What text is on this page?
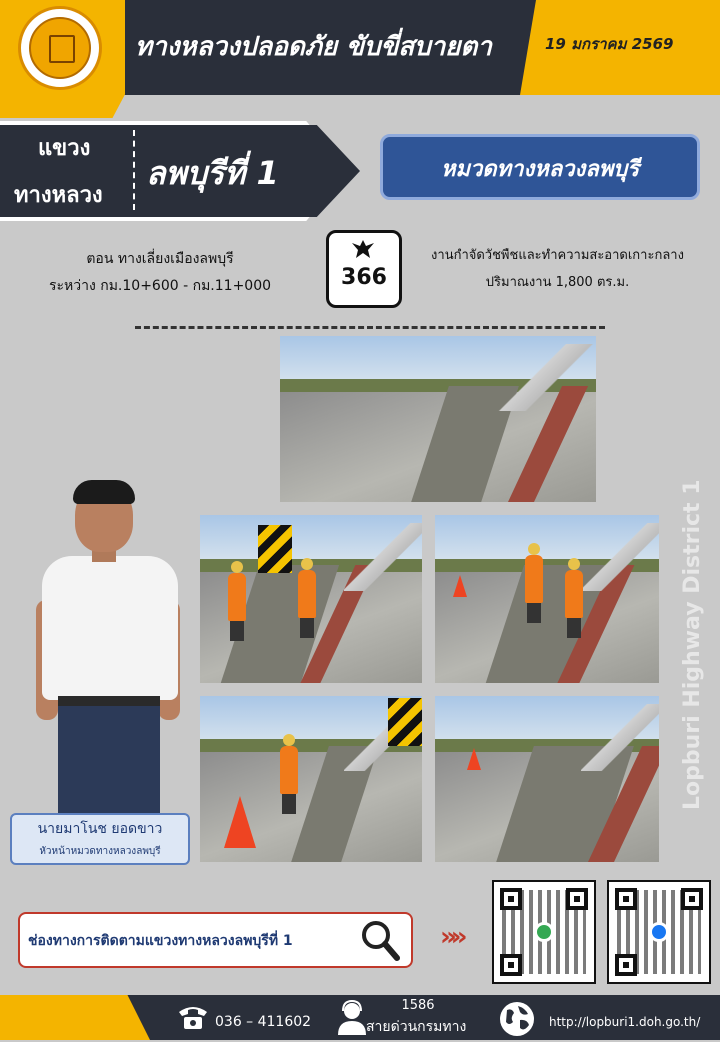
ทางหลวงปลอดภัย ขับขี่สบายตา	19 มกราคม 2569
แขวง
ทางหลวง
ลพบุรีที่ 1	หมวดทางหลวงลพบุรี
ตอน ทางเลี่ยงเมืองลพบุรี
ระหว่าง กม.10+600 - กม.11+000	366
งานกำจัดวัชพืชและทำความสะอาดเกาะกลาง
ปริมาณงาน 1,800 ตร.ม.
นายมาโนช ยอดขาว
หัวหน้าหมวดทางหลวงลพบุรี
Lopburi Highway District 1
ช่องทางการติดตามแขวงทางหลวงลพบุรีที่ 1	»»
036 – 411602
1586
สายด่วนกรมทาง	http://lopburi1.doh.go.th/
